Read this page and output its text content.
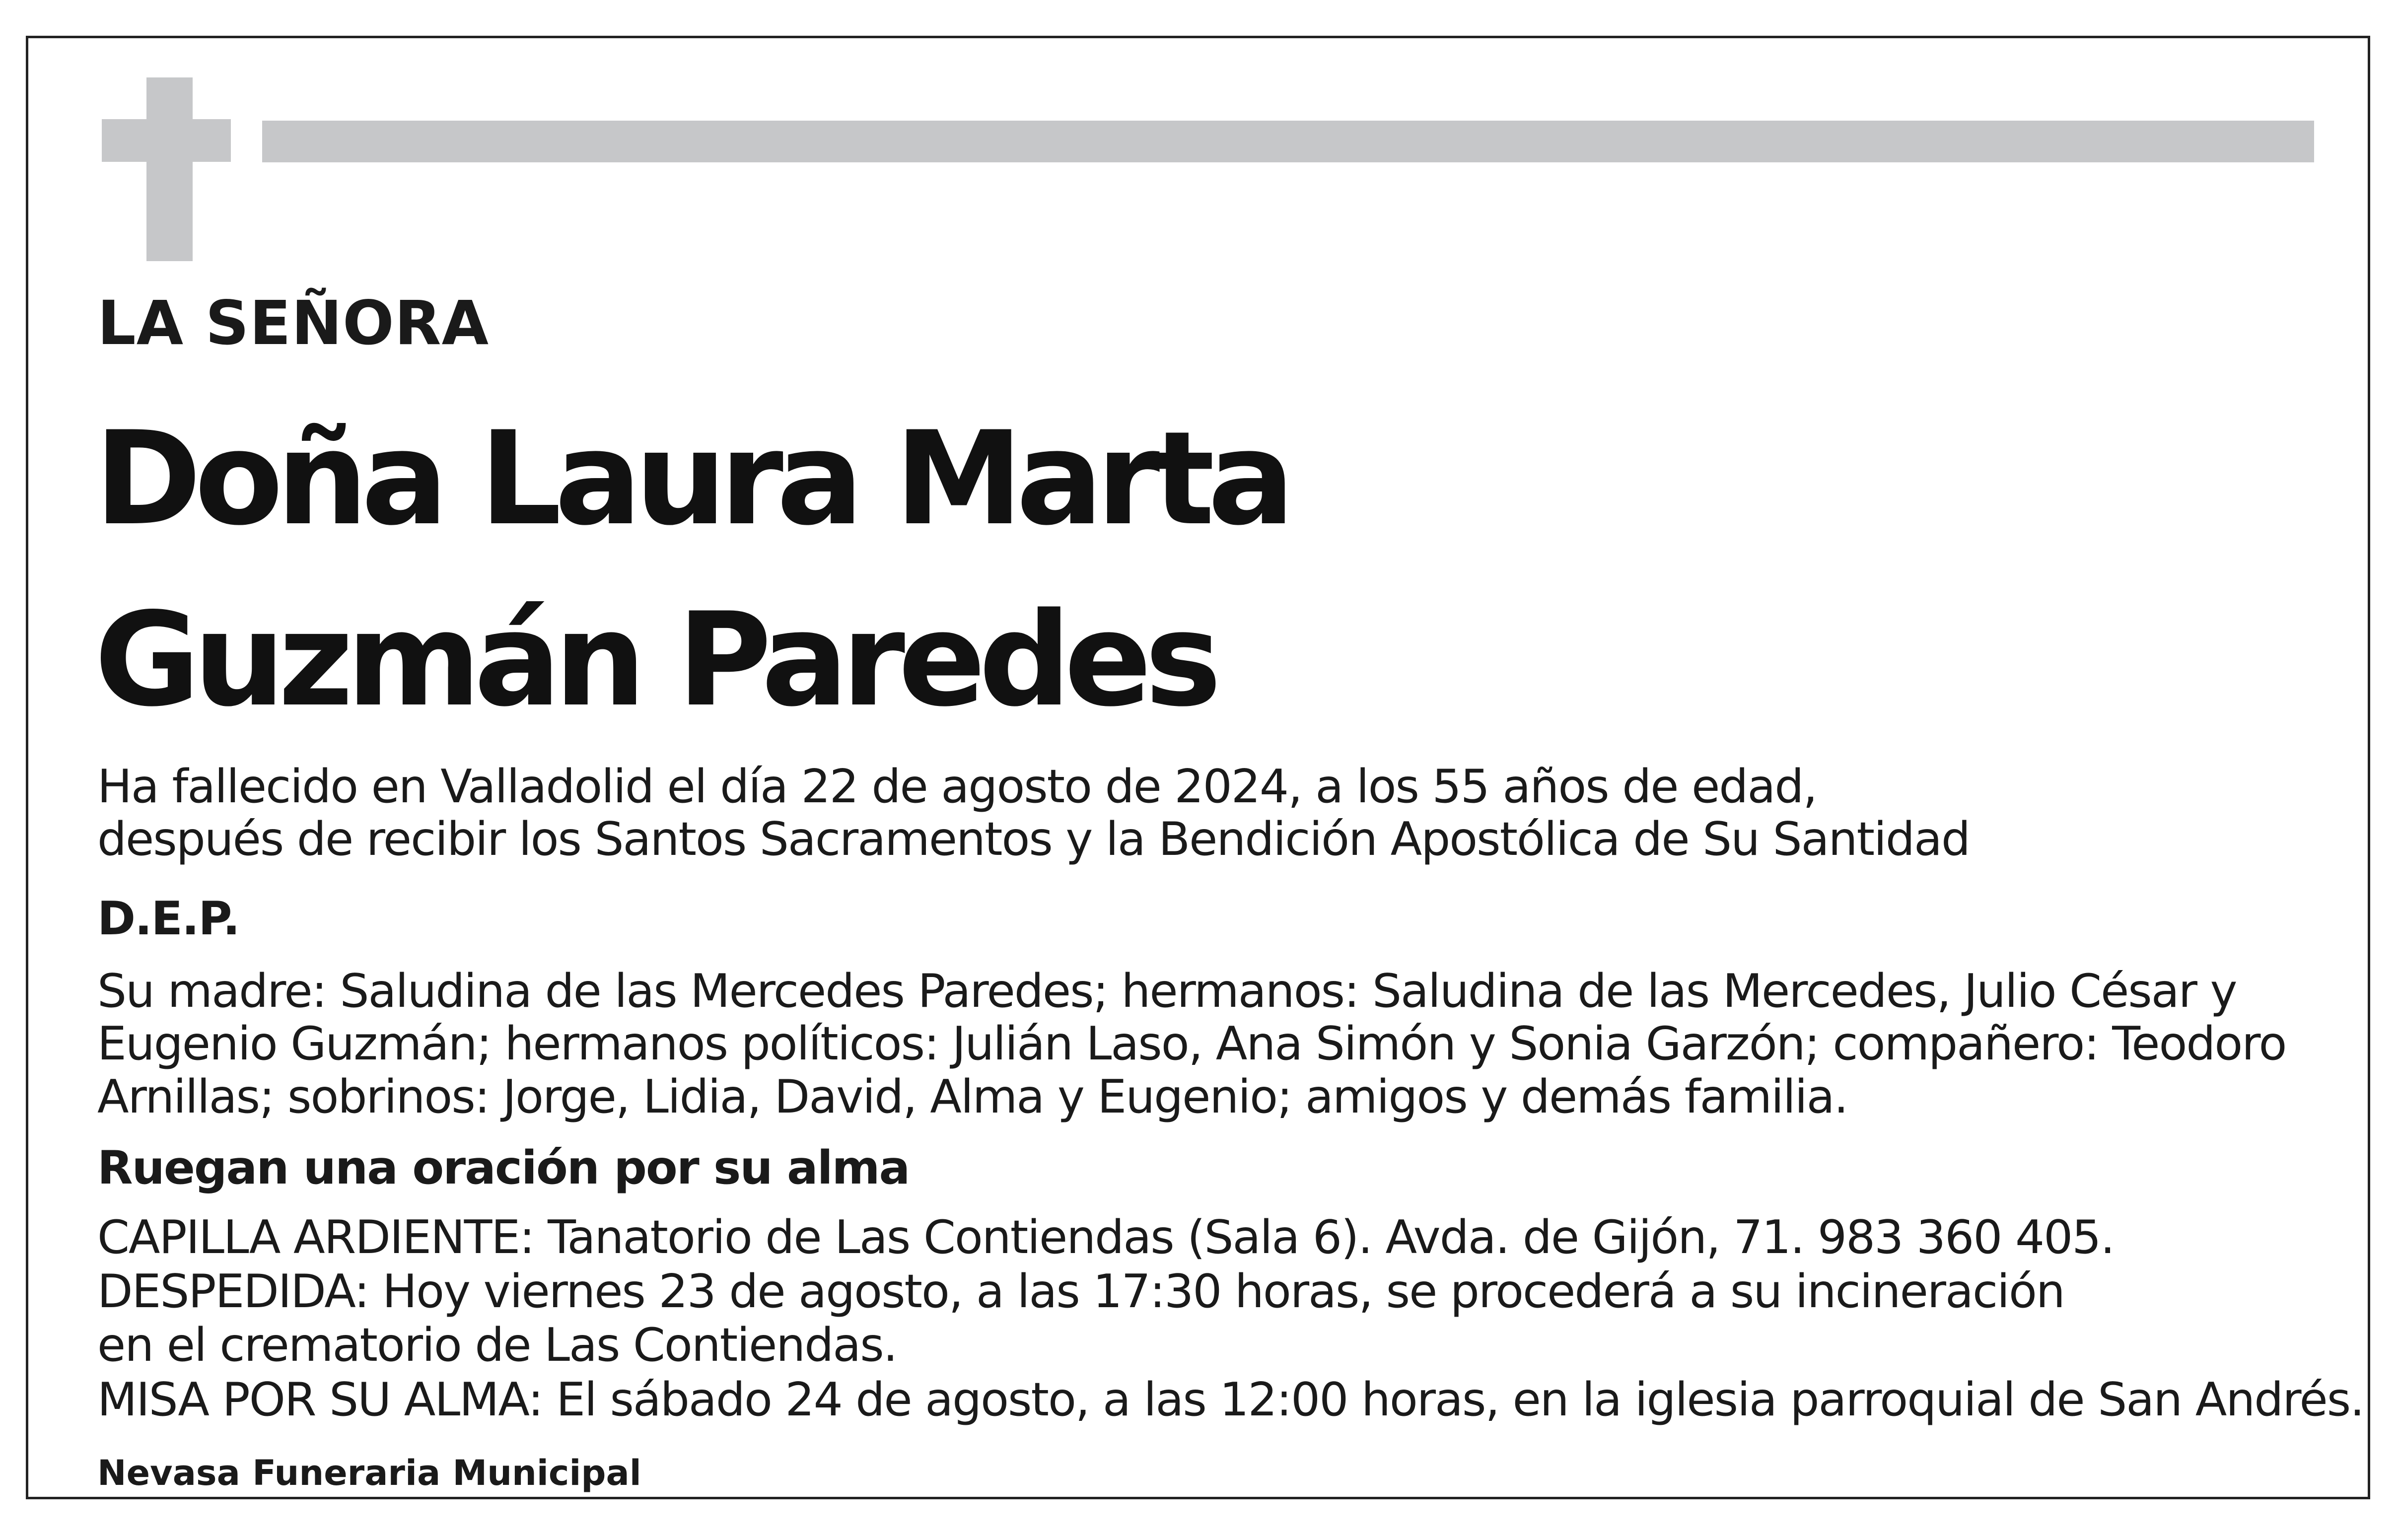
LA SEÑORA
Doña Laura Marta
Guzmán Paredes
Ha fallecido en Valladolid el día 22 de agosto de 2024, a los 55 años de edad,
después de recibir los Santos Sacramentos y la Bendición Apostólica de Su Santidad
D.E.P.
Su madre: Saludina de las Mercedes Paredes; hermanos: Saludina de las Mercedes, Julio César y
Eugenio Guzmán; hermanos políticos: Julián Laso, Ana Simón y Sonia Garzón; compañero: Teodoro
Arnillas; sobrinos: Jorge, Lidia, David, Alma y Eugenio; amigos y demás familia.
Ruegan una oración por su alma
CAPILLA ARDIENTE: Tanatorio de Las Contiendas (Sala 6). Avda. de Gijón, 71. 983 360 405.
DESPEDIDA: Hoy viernes 23 de agosto, a las 17:30 horas, se procederá a su incineración
en el crematorio de Las Contiendas.
MISA POR SU ALMA: El sábado 24 de agosto, a las 12:00 horas, en la iglesia parroquial de San Andrés.
Nevasa Funeraria Municipal
